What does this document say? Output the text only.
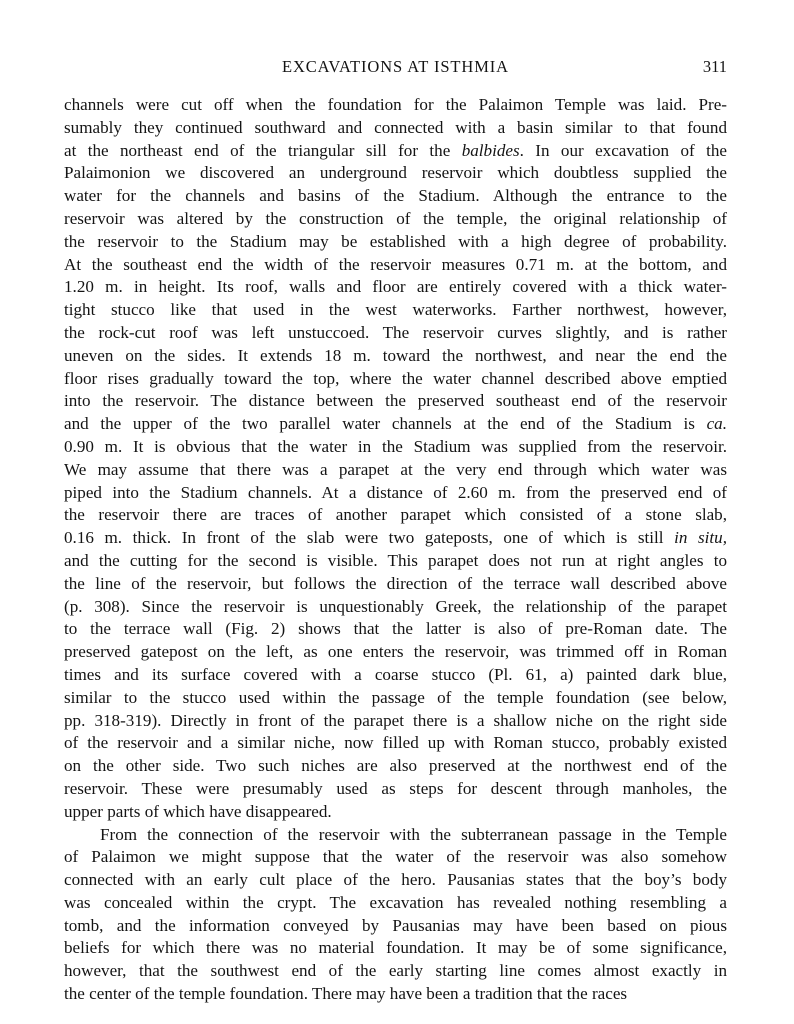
EXCAVATIONS AT ISTHMIA	311
channels were cut off when the foundation for the Palaimon Temple was laid. Pre-
sumably they continued southward and connected with a basin similar to that found
at the northeast end of the triangular sill for the balbides. In our excavation of the
Palaimonion we discovered an underground reservoir which doubtless supplied the
water for the channels and basins of the Stadium. Although the entrance to the
reservoir was altered by the construction of the temple, the original relationship of
the reservoir to the Stadium may be established with a high degree of probability.
At the southeast end the width of the reservoir measures 0.71 m. at the bottom, and
1.20 m. in height. Its roof, walls and floor are entirely covered with a thick water-
tight stucco like that used in the west waterworks. Farther northwest, however,
the rock-cut roof was left unstuccoed. The reservoir curves slightly, and is rather
uneven on the sides. It extends 18 m. toward the northwest, and near the end the
floor rises gradually toward the top, where the water channel described above emptied
into the reservoir. The distance between the preserved southeast end of the reservoir
and the upper of the two parallel water channels at the end of the Stadium is ca.
0.90 m. It is obvious that the water in the Stadium was supplied from the reservoir.
We may assume that there was a parapet at the very end through which water was
piped into the Stadium channels. At a distance of 2.60 m. from the preserved end of
the reservoir there are traces of another parapet which consisted of a stone slab,
0.16 m. thick. In front of the slab were two gateposts, one of which is still in situ,
and the cutting for the second is visible. This parapet does not run at right angles to
the line of the reservoir, but follows the direction of the terrace wall described above
(p. 308). Since the reservoir is unquestionably Greek, the relationship of the parapet
to the terrace wall (Fig. 2) shows that the latter is also of pre-Roman date. The
preserved gatepost on the left, as one enters the reservoir, was trimmed off in Roman
times and its surface covered with a coarse stucco (Pl. 61, a) painted dark blue,
similar to the stucco used within the passage of the temple foundation (see below,
pp. 318-319). Directly in front of the parapet there is a shallow niche on the right side
of the reservoir and a similar niche, now filled up with Roman stucco, probably existed
on the other side. Two such niches are also preserved at the northwest end of the
reservoir. These were presumably used as steps for descent through manholes, the
upper parts of which have disappeared.
From the connection of the reservoir with the subterranean passage in the Temple
of Palaimon we might suppose that the water of the reservoir was also somehow
connected with an early cult place of the hero. Pausanias states that the boy’s body
was concealed within the crypt. The excavation has revealed nothing resembling a
tomb, and the information conveyed by Pausanias may have been based on pious
beliefs for which there was no material foundation. It may be of some significance,
however, that the southwest end of the early starting line comes almost exactly in
the center of the temple foundation. There may have been a tradition that the races
